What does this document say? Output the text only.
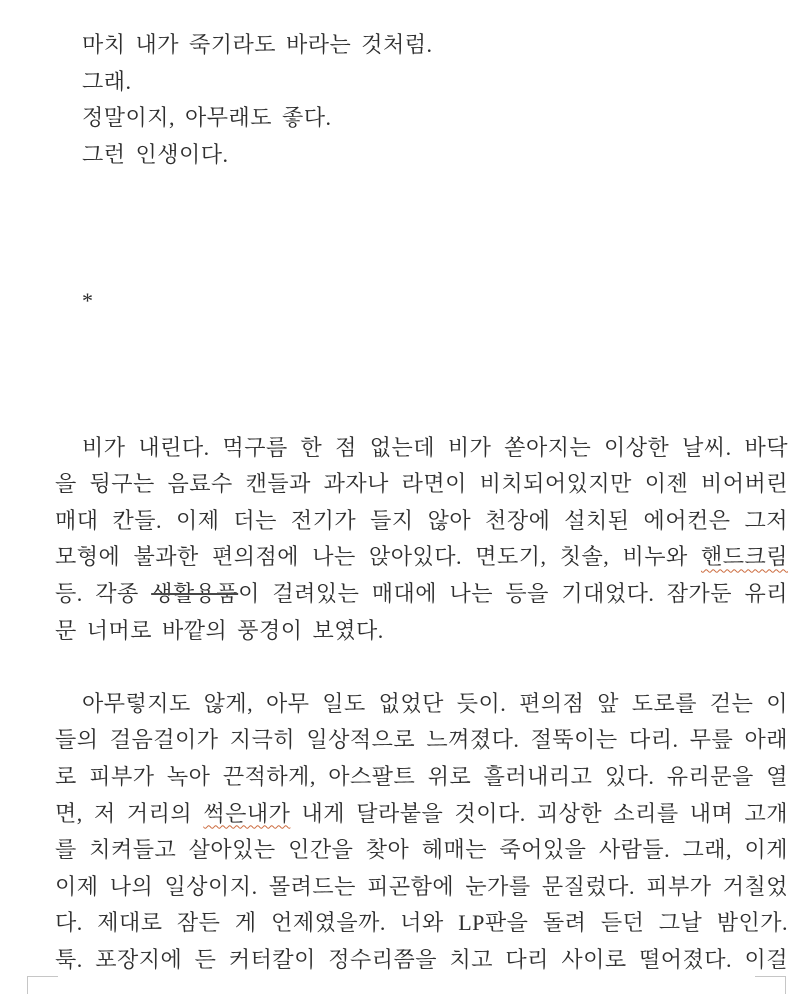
마치 내가 죽기라도 바라는 것처럼.
그래.
정말이지, 아무래도 좋다.
그런 인생이다.
*
비가 내린다. 먹구름 한 점 없는데 비가 쏟아지는 이상한 날씨. 바닥
을 뒹구는 음료수 캔들과 과자나 라면이 비치되어있지만 이젠 비어버린
매대 칸들. 이제 더는 전기가 들지 않아 천장에 설치된 에어컨은 그저
모형에 불과한 편의점에 나는 앉아있다. 면도기, 칫솔, 비누와 핸드크림
등. 각종 생활용품이 걸려있는 매대에 나는 등을 기대었다. 잠가둔 유리
문 너머로 바깥의 풍경이 보였다.
아무렇지도 않게, 아무 일도 없었단 듯이. 편의점 앞 도로를 걷는 이
들의 걸음걸이가 지극히 일상적으로 느껴졌다. 절뚝이는 다리. 무릎 아래
로 피부가 녹아 끈적하게, 아스팔트 위로 흘러내리고 있다. 유리문을 열
면, 저 거리의 썩은내가 내게 달라붙을 것이다. 괴상한 소리를 내며 고개
를 치켜들고 살아있는 인간을 찾아 헤매는 죽어있을 사람들. 그래, 이게
이제 나의 일상이지. 몰려드는 피곤함에 눈가를 문질렀다. 피부가 거칠었
다. 제대로 잠든 게 언제였을까. 너와 LP판을 돌려 듣던 그날 밤인가.
툭. 포장지에 든 커터칼이 정수리쯤을 치고 다리 사이로 떨어졌다. 이걸
